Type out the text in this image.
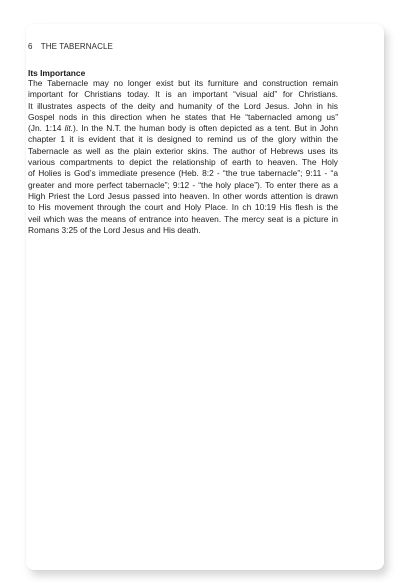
6 THE TABERNACLE
Its Importance

The Tabernacle may no longer exist but its furniture and construction remain
important for Christians today. It is an important “visual aid” for Christians.
It illustrates aspects of the deity and humanity of the Lord Jesus. John in his
Gospel nods in this direction when he states that He “tabernacled among us”
(Jn. 1:14 lit.). In the N.T. the human body is often depicted as a tent. But in John
chapter 1 it is evident that it is designed to remind us of the glory within the
Tabernacle as well as the plain exterior skins. The author of Hebrews uses its
various compartments to depict the relationship of earth to heaven. The Holy
of Holies is God’s immediate presence (Heb. 8:2 - “the true tabernacle”; 9:11 - “a
greater and more perfect tabernacle”; 9:12 - “the holy place”). To enter there as a
High Priest the Lord Jesus passed into heaven. In other words attention is drawn
to His movement through the court and Holy Place. In ch 10:19 His flesh is the
veil which was the means of entrance into heaven. The mercy seat is a picture in
Romans 3:25 of the Lord Jesus and His death.
